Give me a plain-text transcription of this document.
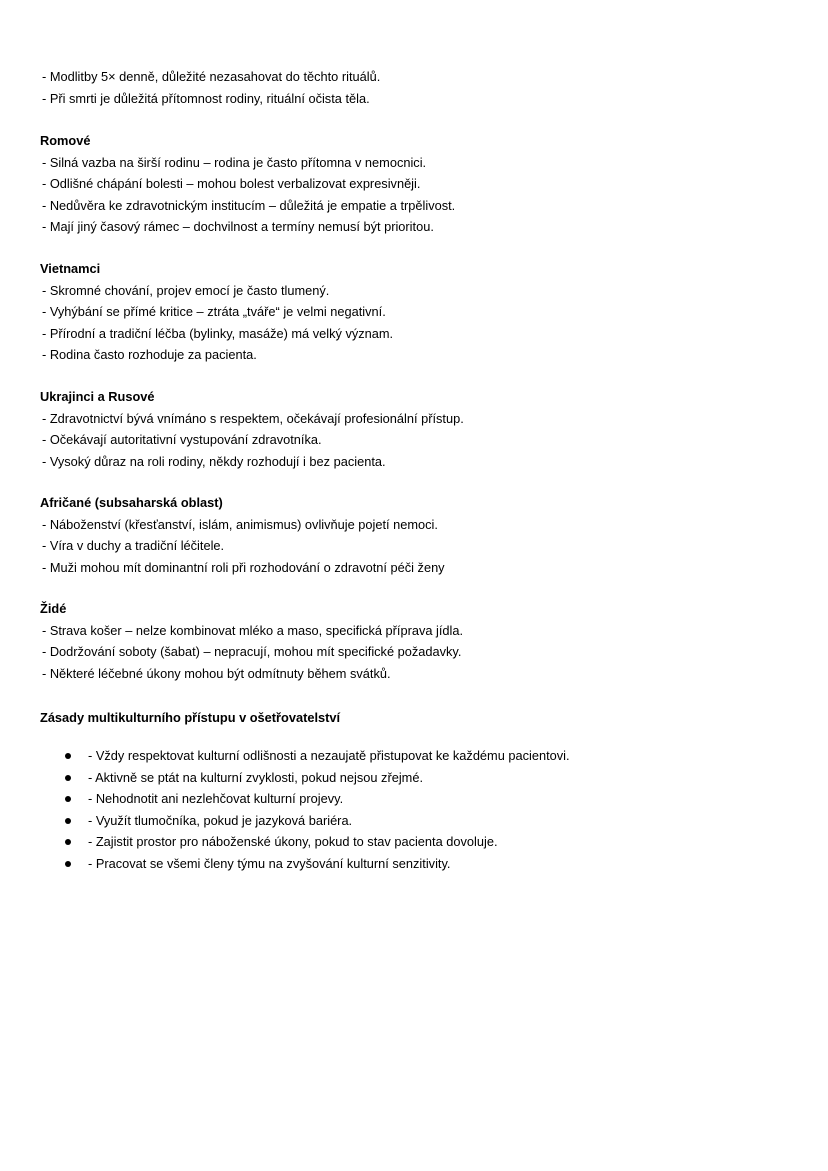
- Modlitby 5× denně, důležité nezasahovat do těchto rituálů.
- Při smrti je důležitá přítomnost rodiny, rituální očista těla.
Romové
- Silná vazba na širší rodinu – rodina je často přítomna v nemocnici.
- Odlišné chápání bolesti – mohou bolest verbalizovat expresivněji.
- Nedůvěra ke zdravotnickým institucím – důležitá je empatie a trpělivost.
- Mají jiný časový rámec – dochvilnost a termíny nemusí být prioritou.
Vietnamci
- Skromné chování, projev emocí je často tlumený.
- Vyhýbání se přímé kritice – ztráta „tváře“ je velmi negativní.
- Přírodní a tradiční léčba (bylinky, masáže) má velký význam.
- Rodina často rozhoduje za pacienta.
Ukrajinci a Rusové
- Zdravotnictví bývá vnímáno s respektem, očekávají profesionální přístup.
- Očekávají autoritativní vystupování zdravotníka.
- Vysoký důraz na roli rodiny, někdy rozhodují i bez pacienta.
Afričané (subsaharská oblast)
- Náboženství (křesťanství, islám, animismus) ovlivňuje pojetí nemoci.
- Víra v duchy a tradiční léčitele.
- Muži mohou mít dominantní roli při rozhodování o zdravotní péči ženy
Židé
- Strava košer – nelze kombinovat mléko a maso, specifická příprava jídla.
- Dodržování soboty (šabat) – nepracují, mohou mít specifické požadavky.
- Některé léčebné úkony mohou být odmítnuty během svátků.
Zásady multikulturního přístupu v ošetřovatelství
- Vždy respektovat kulturní odlišnosti a nezaujatě přistupovat ke každému pacientovi.
- Aktivně se ptát na kulturní zvyklosti, pokud nejsou zřejmé.
- Nehodnotit ani nezlehčovat kulturní projevy.
- Využít tlumočníka, pokud je jazyková bariéra.
- Zajistit prostor pro náboženské úkony, pokud to stav pacienta dovoluje.
- Pracovat se všemi členy týmu na zvyšování kulturní senzitivity.
